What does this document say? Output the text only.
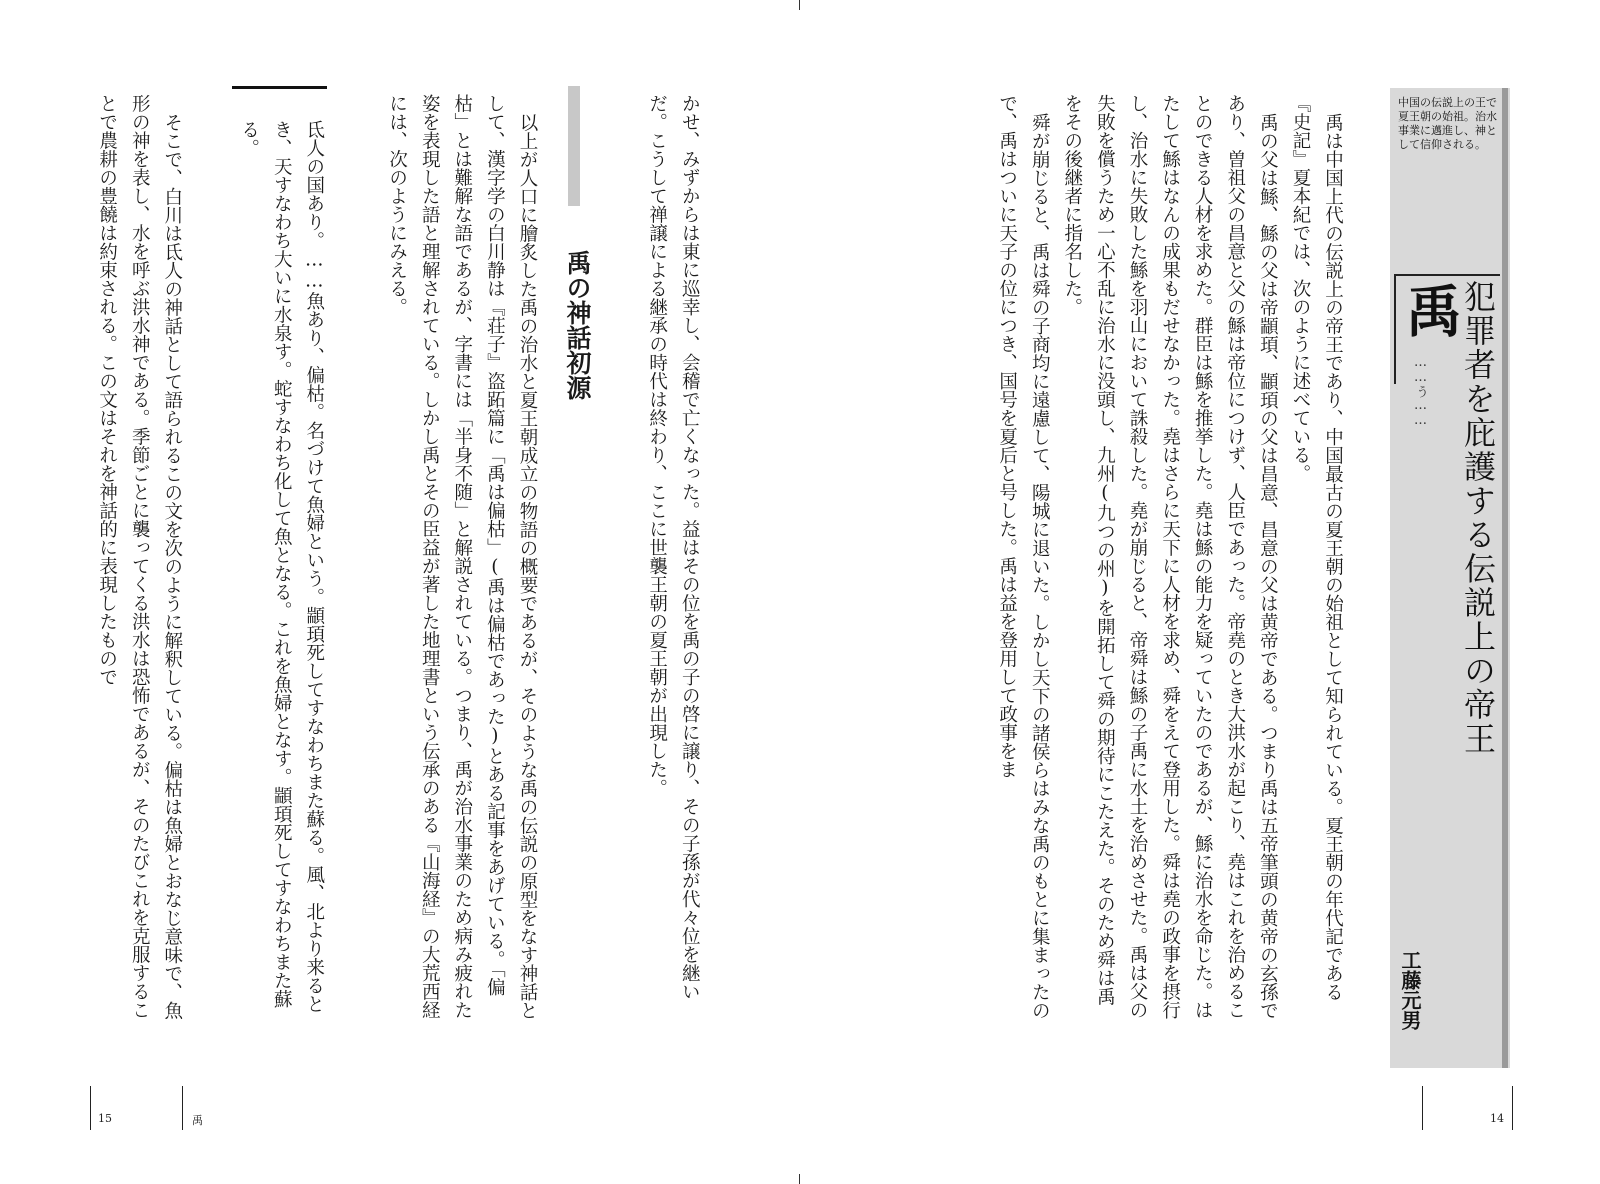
中国の伝説上の王で夏王朝の始祖。治水事業に邁進し、神として信仰される。
禹
……う…… 犯罪者を庇護する伝説上の帝王
工藤元男
禹は中国上代の伝説上の帝王であり、中国最古の夏王朝の始祖として知られている。夏王朝の年代記である『史記』夏本紀では、次のように述べている。
禹の父は鯀、鯀の父は帝顓頊、顓頊の父は昌意、昌意の父は黄帝である。つまり禹は五帝筆頭の黄帝の玄孫であり、曽祖父の昌意と父の鯀は帝位につけず、人臣であった。帝堯のとき大洪水が起こり、堯はこれを治めることのできる人材を求めた。群臣は鯀を推挙した。堯は鯀の能力を疑っていたのであるが、鯀に治水を命じた。はたして鯀はなんの成果もだせなかった。堯はさらに天下に人材を求め、舜をえて登用した。舜は堯の政事を摂行し、治水に失敗した鯀を羽山において誅殺した。堯が崩じると、帝舜は鯀の子禹に水土を治めさせた。禹は父の失敗を償うため一心不乱に治水に没頭し、九州(九つの州)を開拓して舜の期待にこたえた。そのため舜は禹をその後継者に指名した。
舜が崩じると、禹は舜の子商均に遠慮して、陽城に退いた。しかし天下の諸侯らはみな禹のもとに集まったので、禹はついに天子の位につき、国号を夏后と号した。禹は益を登用して政事をま
14
かせ、みずからは東に巡幸し、会稽で亡くなった。益はその位を禹の子の啓に譲り、その子孫が代々位を継いだ。こうして禅譲による継承の時代は終わり、ここに世襲王朝の夏王朝が出現した。
禹の神話初源
以上が人口に膾炙した禹の治水と夏王朝成立の物語の概要であるが、そのような禹の伝説の原型をなす神話として、漢字学の白川静は『荘子』盗跖篇に「禹は偏枯」(禹は偏枯であった)とある記事をあげている。「偏枯」とは難解な語であるが、字書には「半身不随」と解説されている。つまり、禹が治水事業のため病み疲れた姿を表現した語と理解されている。しかし禹とその臣益が著した地理書という伝承のある『山海経』の大荒西経には、次のようにみえる。
氐人の国あり。……魚あり、偏枯。名づけて魚婦という。顓頊死してすなわちまた蘇る。風、北より来るとき、天すなわち大いに水泉す。蛇すなわち化して魚となる。これを魚婦となす。顓頊死してすなわちまた蘇る。
そこで、白川は氐人の神話として語られるこの文を次のように解釈している。偏枯は魚婦とおなじ意味で、魚形の神を表し、水を呼ぶ洪水神である。季節ごとに襲ってくる洪水は恐怖であるが、そのたびこれを克服することで農耕の豊饒は約束される。この文はそれを神話的に表現したもので
15	禹
